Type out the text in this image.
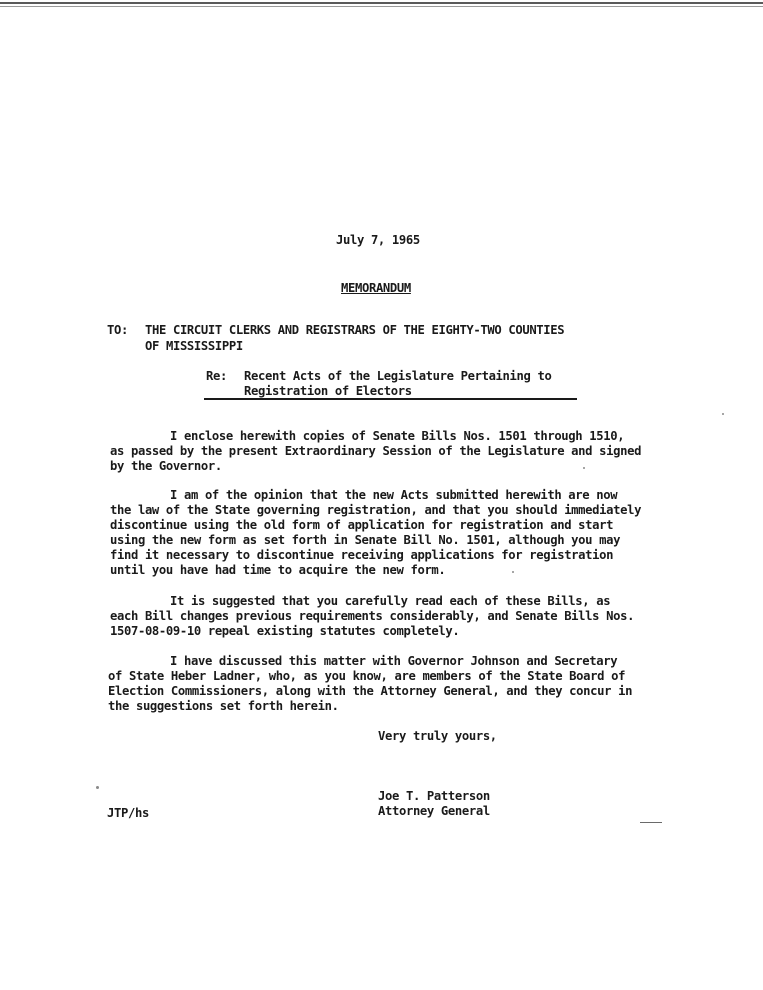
July 7, 1965
MEMORANDUM
TO: THE CIRCUIT CLERKS AND REGISTRARS OF THE EIGHTY-TWO COUNTIES
OF MISSISSIPPI
Re: Recent Acts of the Legislature Pertaining to
Registration of Electors
I enclose herewith copies of Senate Bills Nos. 1501 through 1510,
as passed by the present Extraordinary Session of the Legislature and signed
by the Governor.
I am of the opinion that the new Acts submitted herewith are now
the law of the State governing registration, and that you should immediately
discontinue using the old form of application for registration and start
using the new form as set forth in Senate Bill No. 1501, although you may
find it necessary to discontinue receiving applications for registration
until you have had time to acquire the new form.
It is suggested that you carefully read each of these Bills, as
each Bill changes previous requirements considerably, and Senate Bills Nos.
1507-08-09-10 repeal existing statutes completely.
I have discussed this matter with Governor Johnson and Secretary
of State Heber Ladner, who, as you know, are members of the State Board of
Election Commissioners, along with the Attorney General, and they concur in
the suggestions set forth herein.
Very truly yours,
Joe T. Patterson
Attorney General
JTP/hs
